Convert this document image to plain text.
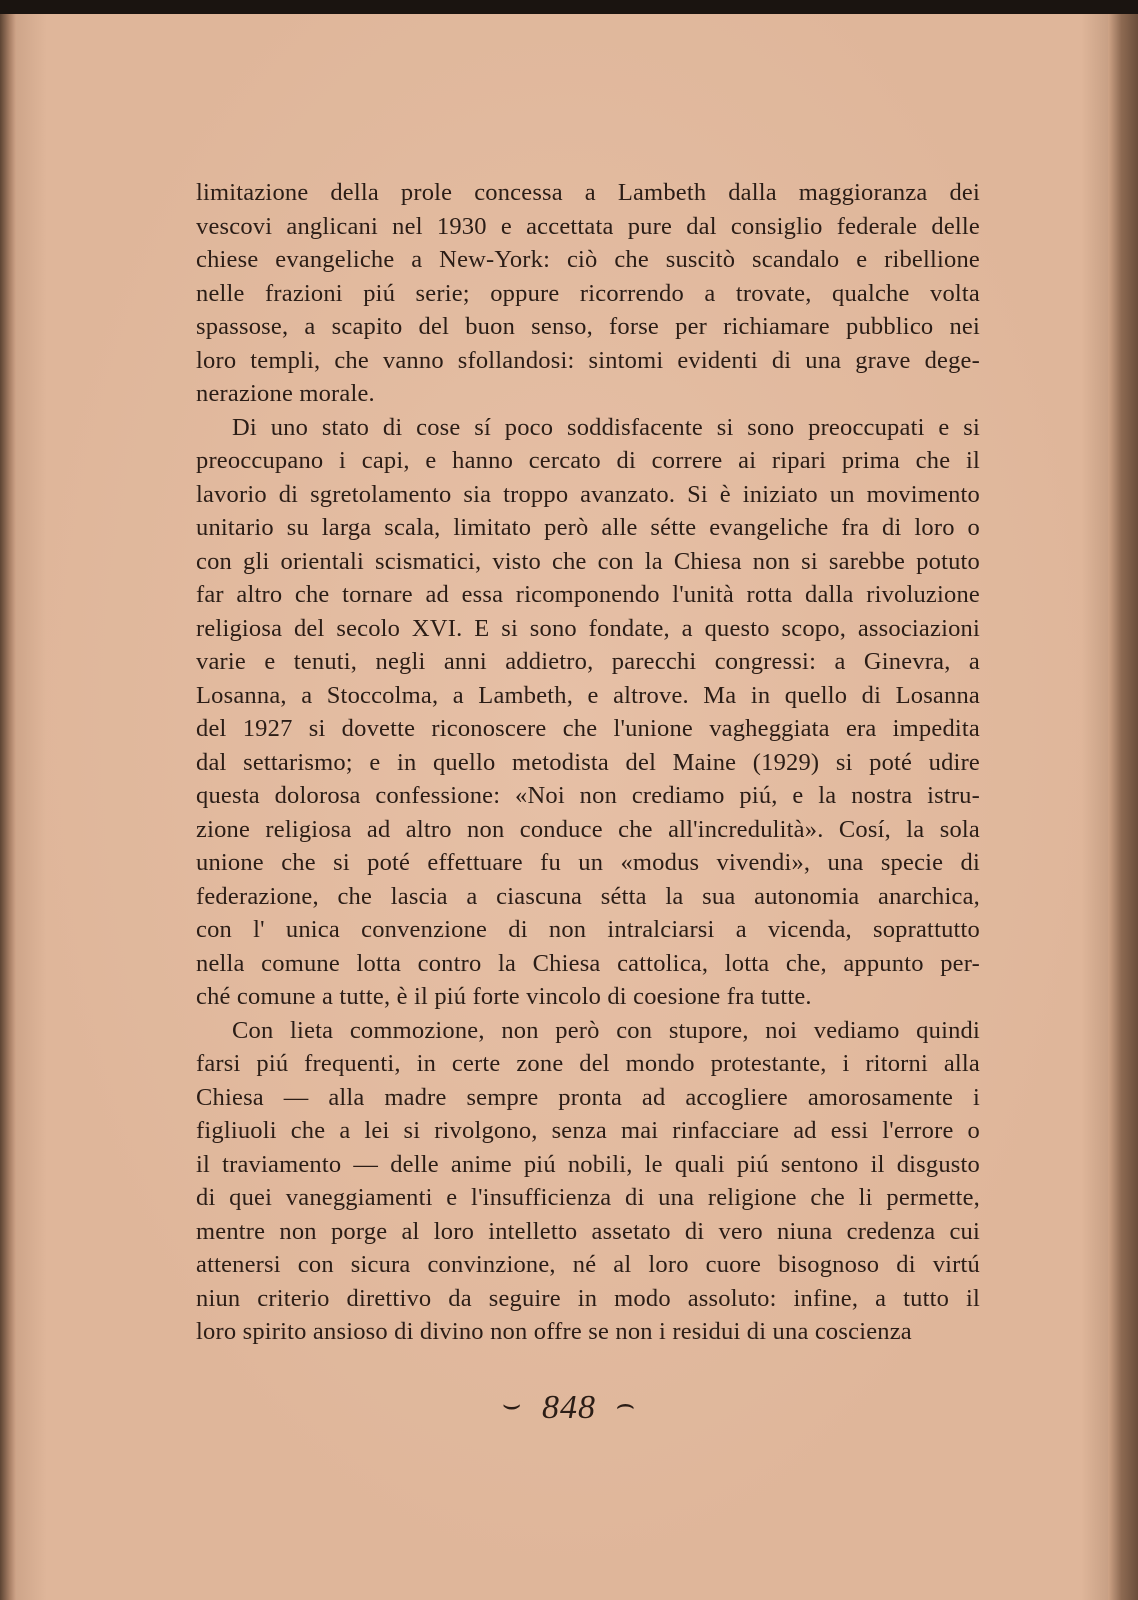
limitazione della prole concessa a Lambeth dalla maggioranza dei
vescovi anglicani nel 1930 e accettata pure dal consiglio federale delle
chiese evangeliche a New-York: ciò che suscitò scandalo e ribellione
nelle frazioni piú serie; oppure ricorrendo a trovate, qualche volta
spassose, a scapito del buon senso, forse per richiamare pubblico nei
loro templi, che vanno sfollandosi: sintomi evidenti di una grave dege-
nerazione morale.
Di uno stato di cose sí poco soddisfacente si sono preoccupati e si
preoccupano i capi, e hanno cercato di correre ai ripari prima che il
lavorio di sgretolamento sia troppo avanzato. Si è iniziato un movimento
unitario su larga scala, limitato però alle sétte evangeliche fra di loro o
con gli orientali scismatici, visto che con la Chiesa non si sarebbe potuto
far altro che tornare ad essa ricomponendo l'unità rotta dalla rivoluzione
religiosa del secolo XVI. E si sono fondate, a questo scopo, associazioni
varie e tenuti, negli anni addietro, parecchi congressi: a Ginevra, a
Losanna, a Stoccolma, a Lambeth, e altrove. Ma in quello di Losanna
del 1927 si dovette riconoscere che l'unione vagheggiata era impedita
dal settarismo; e in quello metodista del Maine (1929) si poté udire
questa dolorosa confessione: «Noi non crediamo piú, e la nostra istru-
zione religiosa ad altro non conduce che all'incredulità». Cosí, la sola
unione che si poté effettuare fu un «modus vivendi», una specie di
federazione, che lascia a ciascuna sétta la sua autonomia anarchica,
con l' unica convenzione di non intralciarsi a vicenda, soprattutto
nella comune lotta contro la Chiesa cattolica, lotta che, appunto per-
ché comune a tutte, è il piú forte vincolo di coesione fra tutte.
Con lieta commozione, non però con stupore, noi vediamo quindi
farsi piú frequenti, in certe zone del mondo protestante, i ritorni alla
Chiesa — alla madre sempre pronta ad accogliere amorosamente i
figliuoli che a lei si rivolgono, senza mai rinfacciare ad essi l'errore o
il traviamento — delle anime piú nobili, le quali piú sentono il disgusto
di quei vaneggiamenti e l'insufficienza di una religione che li permette,
mentre non porge al loro intelletto assetato di vero niuna credenza cui
attenersi con sicura convinzione, né al loro cuore bisognoso di virtú
niun criterio direttivo da seguire in modo assoluto: infine, a tutto il
loro spirito ansioso di divino non offre se non i residui di una coscienza
⌣ 848 ⌢
